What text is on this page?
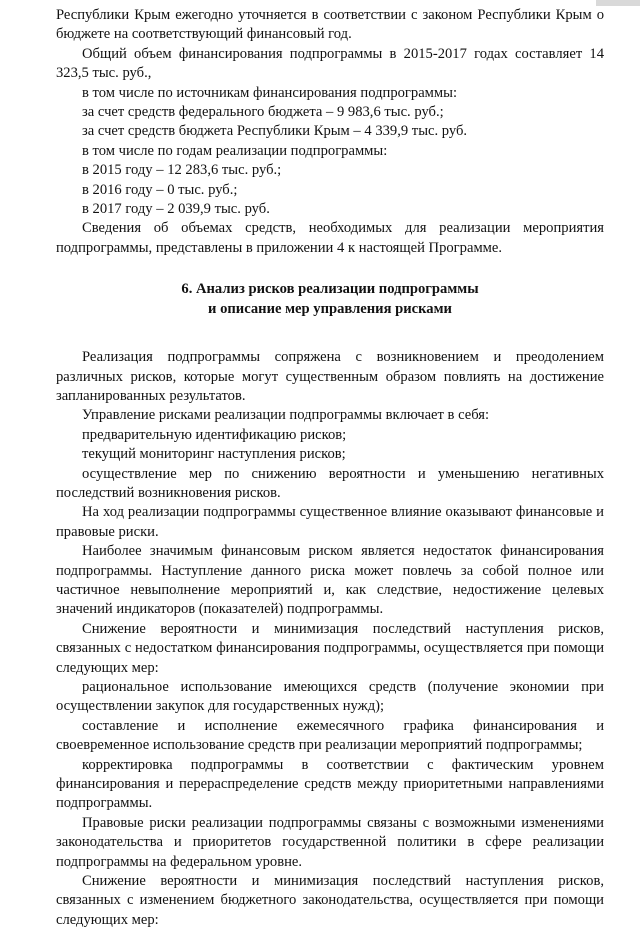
Республики Крым ежегодно уточняется в соответствии с законом Республики Крым о бюджете на соответствующий финансовый год.

Общий объем финансирования подпрограммы в 2015-2017 годах составляет 14 323,5 тыс. руб.,

в том числе по источникам финансирования подпрограммы:

за счет средств федерального бюджета – 9 983,6 тыс. руб.;

за счет средств бюджета Республики Крым – 4 339,9 тыс. руб.

в том числе по годам реализации подпрограммы:

в 2015 году – 12 283,6 тыс. руб.;

в 2016 году – 0 тыс. руб.;

в 2017 году – 2 039,9 тыс. руб.

Сведения об объемах средств, необходимых для реализации мероприятия подпрограммы, представлены в приложении 4 к настоящей Программе.

6. Анализ рисков реализации подпрограммы
и описание мер управления рисками

Реализация подпрограммы сопряжена с возникновением и преодолением различных рисков, которые могут существенным образом повлиять на достижение запланированных результатов.

Управление рисками реализации подпрограммы включает в себя:

предварительную идентификацию рисков;

текущий мониторинг наступления рисков;

осуществление мер по снижению вероятности и уменьшению негативных последствий возникновения рисков.

На ход реализации подпрограммы существенное влияние оказывают финансовые и правовые риски.

Наиболее значимым финансовым риском является недостаток финансирования подпрограммы. Наступление данного риска может повлечь за собой полное или частичное невыполнение мероприятий и, как следствие, недостижение целевых значений индикаторов (показателей) подпрограммы.

Снижение вероятности и минимизация последствий наступления рисков, связанных с недостатком финансирования подпрограммы, осуществляется при помощи следующих мер:

рациональное использование имеющихся средств (получение экономии при осуществлении закупок для государственных нужд);

составление и исполнение ежемесячного графика финансирования и своевременное использование средств при реализации мероприятий подпрограммы;

корректировка подпрограммы в соответствии с фактическим уровнем финансирования и перераспределение средств между приоритетными направлениями подпрограммы.

Правовые риски реализации подпрограммы связаны с возможными изменениями законодательства и приоритетов государственной политики в сфере реализации подпрограммы на федеральном уровне.

Снижение вероятности и минимизация последствий наступления рисков, связанных с изменением бюджетного законодательства, осуществляется при помощи следующих мер:
